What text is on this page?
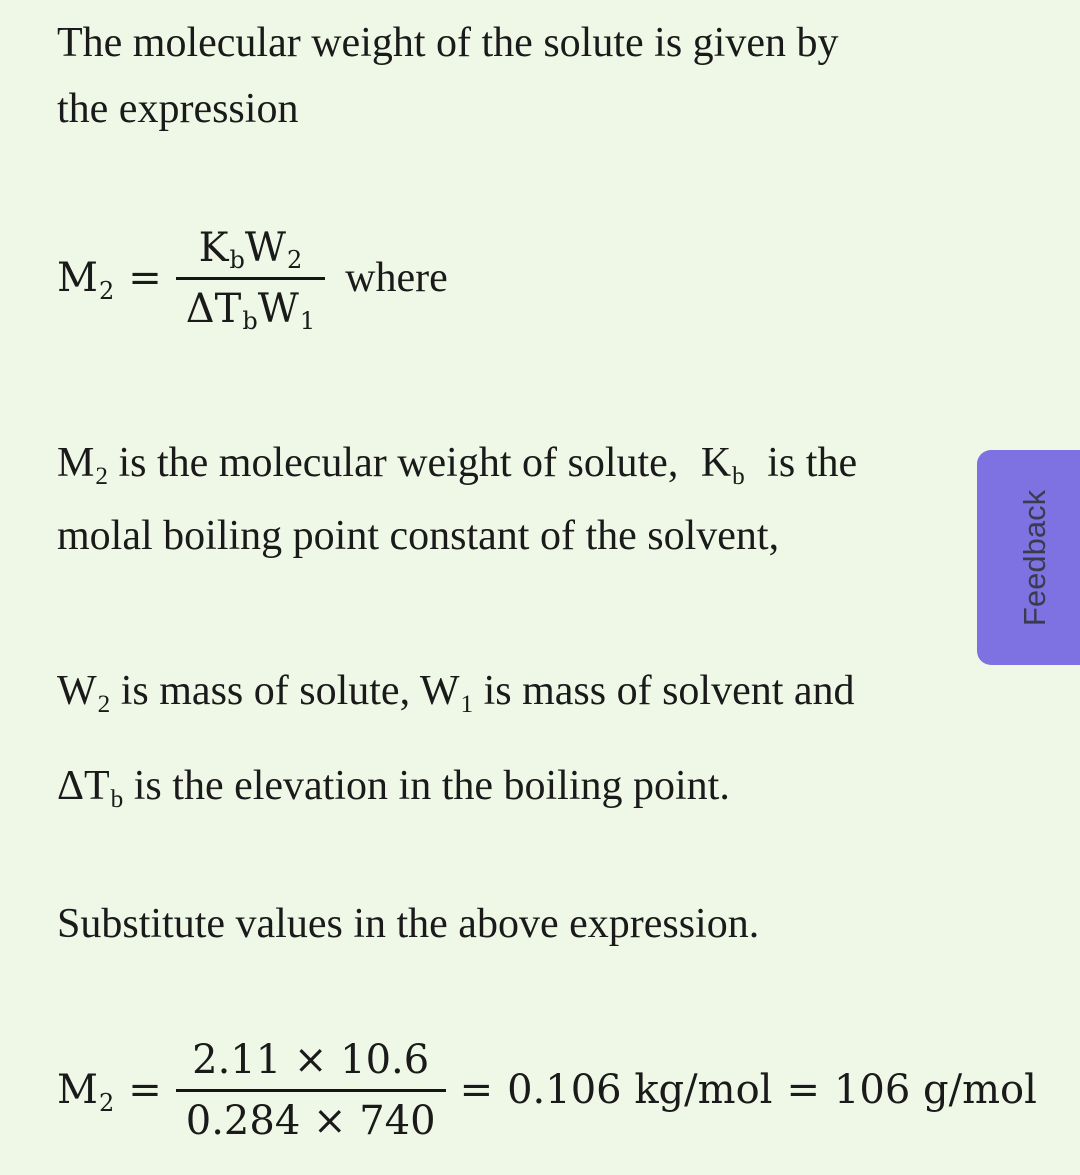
The molecular weight of the solute is given by
the expression
$M_2 = \frac{K_bW_2}{\Delta T_bW_1}$ where
$M_2$ is the molecular weight of solute, $K_b$ is the
molal boiling point constant of the solvent,
$W_2$ is mass of solute, $W_1$ is mass of solvent and
$\Delta T_b$ is the elevation in the boiling point.
Substitute values in the above expression.
$M_2 = \frac{2.11 \times 10.6}{0.284 \times 740} = 0.106$ kg/mol = 106 g/mol
Feedback
